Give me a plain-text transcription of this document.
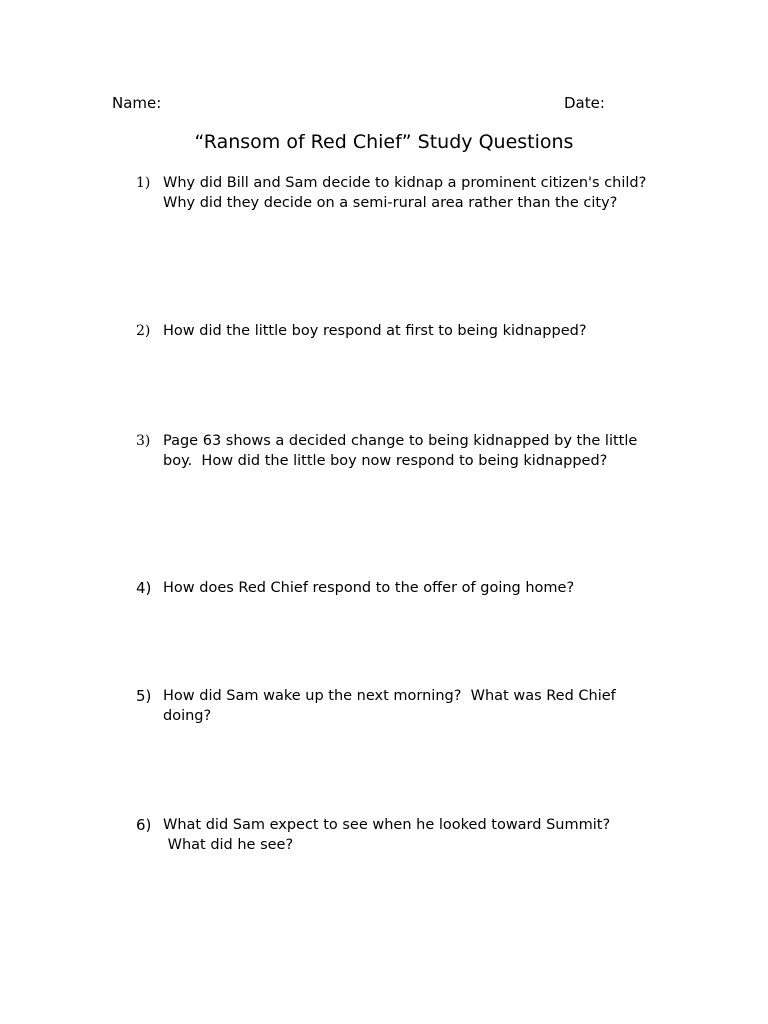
Name:	Date:
“Ransom of Red Chief” Study Questions
1) Why did Bill and Sam decide to kidnap a prominent citizen's child? Why did they decide on a semi-rural area rather than the city?
2) How did the little boy respond at first to being kidnapped?
3) Page 63 shows a decided change to being kidnapped by the little boy.  How did the little boy now respond to being kidnapped?
4) How does Red Chief respond to the offer of going home?
5) How did Sam wake up the next morning?  What was Red Chief doing?
6) What did Sam expect to see when he looked toward Summit?
What did he see?
